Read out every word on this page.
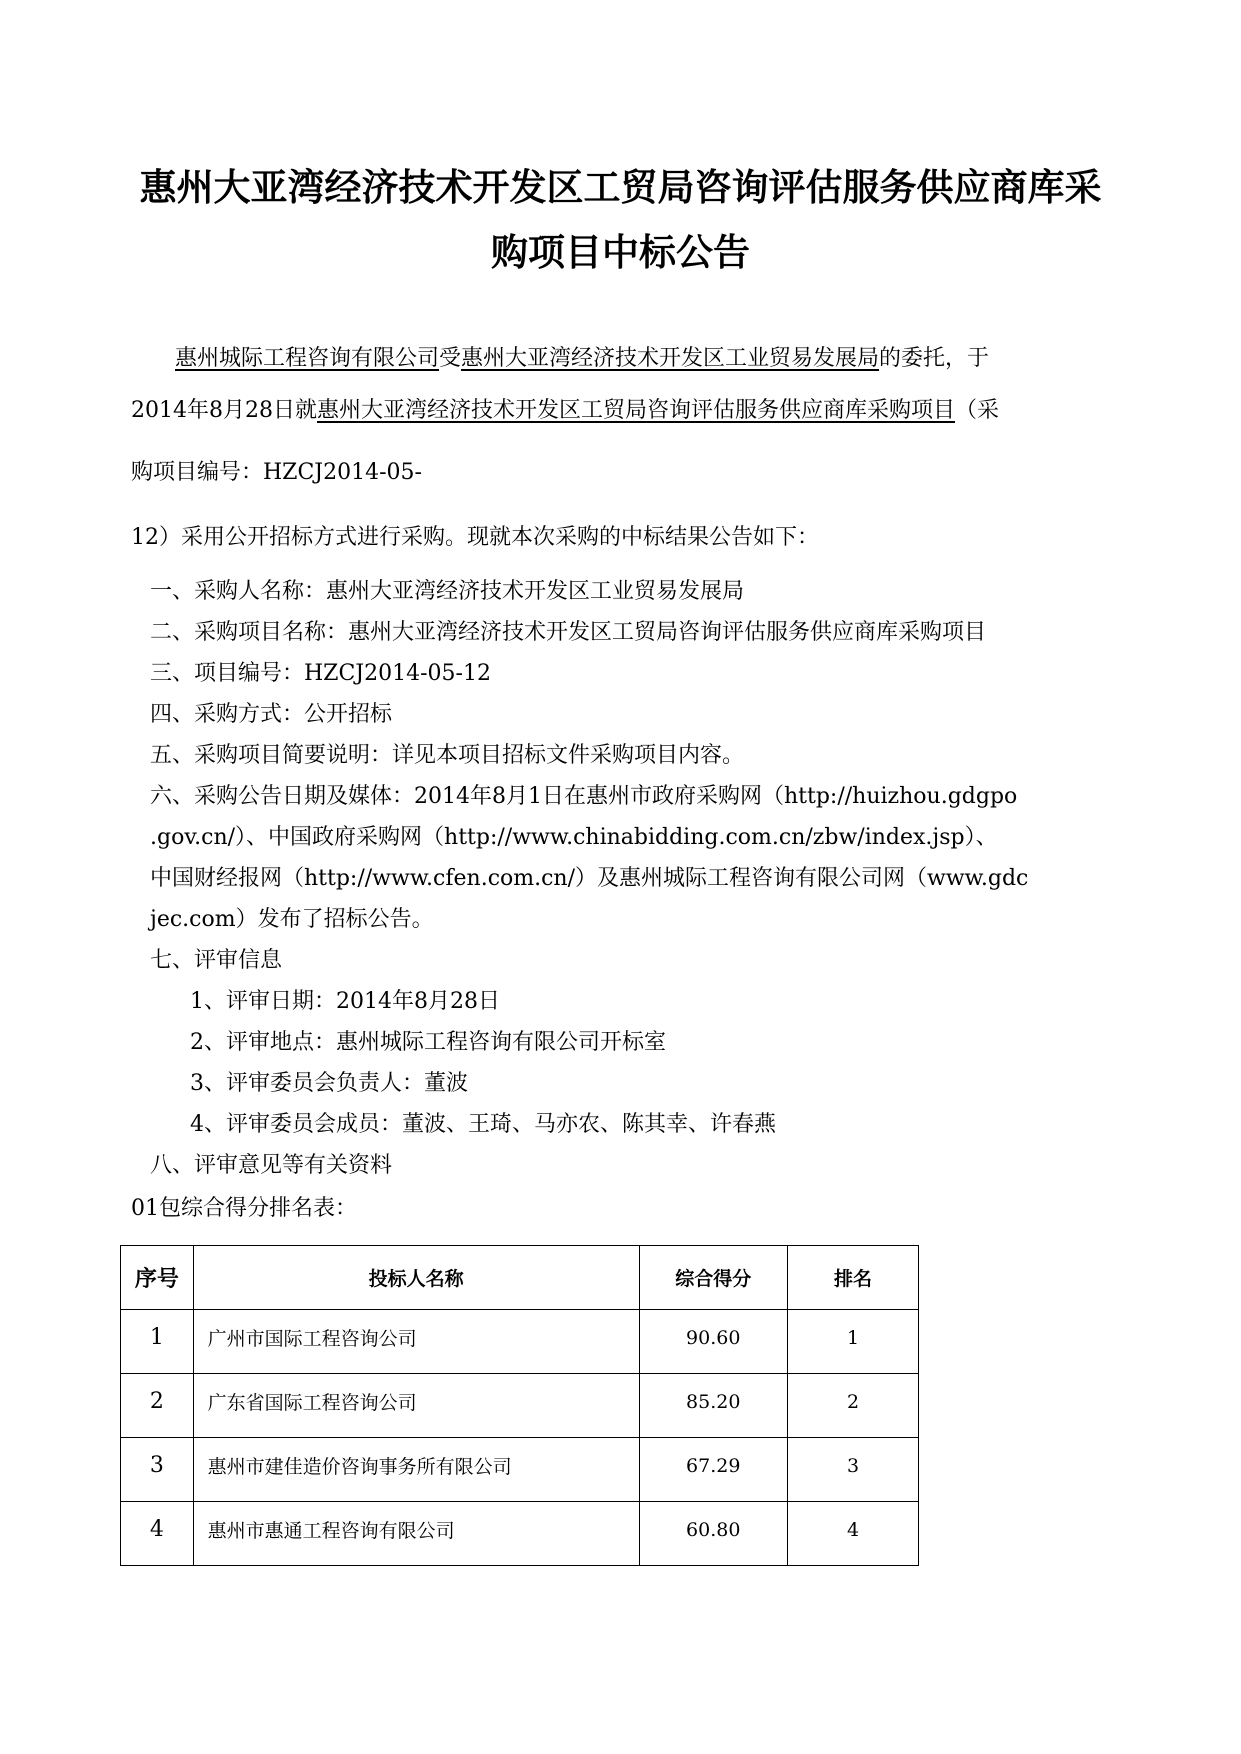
惠州大亚湾经济技术开发区工贸局咨询评估服务供应商库采
购项目中标公告
惠州城际工程咨询有限公司受惠州大亚湾经济技术开发区工业贸易发展局的委托，于
2014年8月28日就惠州大亚湾经济技术开发区工贸局咨询评估服务供应商库采购项目（采
购项目编号：HZCJ2014-05-
12）采用公开招标方式进行采购。现就本次采购的中标结果公告如下：
一、采购人名称：惠州大亚湾经济技术开发区工业贸易发展局
二、采购项目名称：惠州大亚湾经济技术开发区工贸局咨询评估服务供应商库采购项目
三、项目编号：HZCJ2014-05-12
四、采购方式：公开招标
五、采购项目简要说明：详见本项目招标文件采购项目内容。
六、采购公告日期及媒体：2014年8月1日在惠州市政府采购网（http://huizhou.gdgpo
.gov.cn/）、中国政府采购网（http://www.chinabidding.com.cn/zbw/index.jsp）、
中国财经报网（http://www.cfen.com.cn/）及惠州城际工程咨询有限公司网（www.gdc
jec.com）发布了招标公告。
七、评审信息
1、评审日期：2014年8月28日
2、评审地点：惠州城际工程咨询有限公司开标室
3、评审委员会负责人：董波
4、评审委员会成员：董波、王琦、马亦农、陈其幸、许春燕
八、评审意见等有关资料
01包综合得分排名表：
序号	投标人名称	综合得分	排名
1	广州市国际工程咨询公司	90.60	1
2	广东省国际工程咨询公司	85.20	2
3	惠州市建佳造价咨询事务所有限公司	67.29	3
4	惠州市惠通工程咨询有限公司	60.80	4
